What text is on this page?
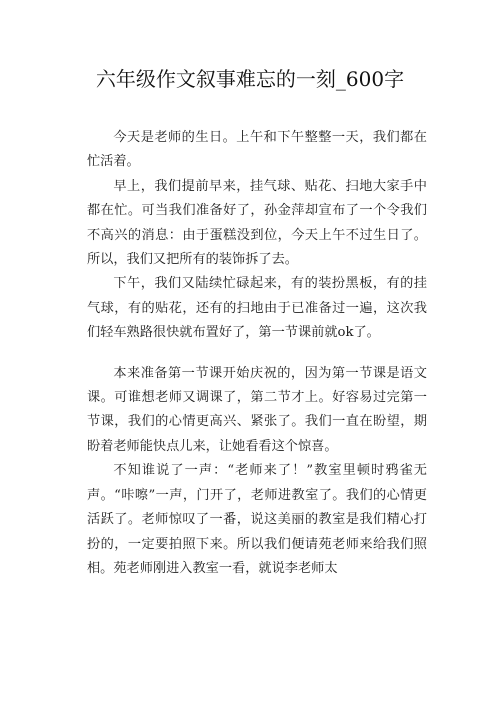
六年级作文叙事难忘的一刻_600字

今天是老师的生日。上午和下午整整一天，我们都在忙活着。

早上，我们提前早来，挂气球、贴花、扫地大家手中都在忙。可当我们准备好了，孙金萍却宣布了一个令我们不高兴的消息：由于蛋糕没到位，今天上午不过生日了。所以，我们又把所有的装饰拆了去。

下午，我们又陆续忙碌起来，有的装扮黑板，有的挂气球，有的贴花，还有的扫地由于已准备过一遍，这次我们轻车熟路很快就布置好了，第一节课前就ok了。

本来准备第一节课开始庆祝的，因为第一节课是语文课。可谁想老师又调课了，第二节才上。好容易过完第一节课，我们的心情更高兴、紧张了。我们一直在盼望，期盼着老师能快点儿来，让她看看这个惊喜。

不知谁说了一声：“老师来了！”教室里顿时鸦雀无声。“咔嚓”一声，门开了，老师进教室了。我们的心情更活跃了。老师惊叹了一番，说这美丽的教室是我们精心打扮的，一定要拍照下来。所以我们便请苑老师来给我们照相。苑老师刚进入教室一看，就说李老师太
